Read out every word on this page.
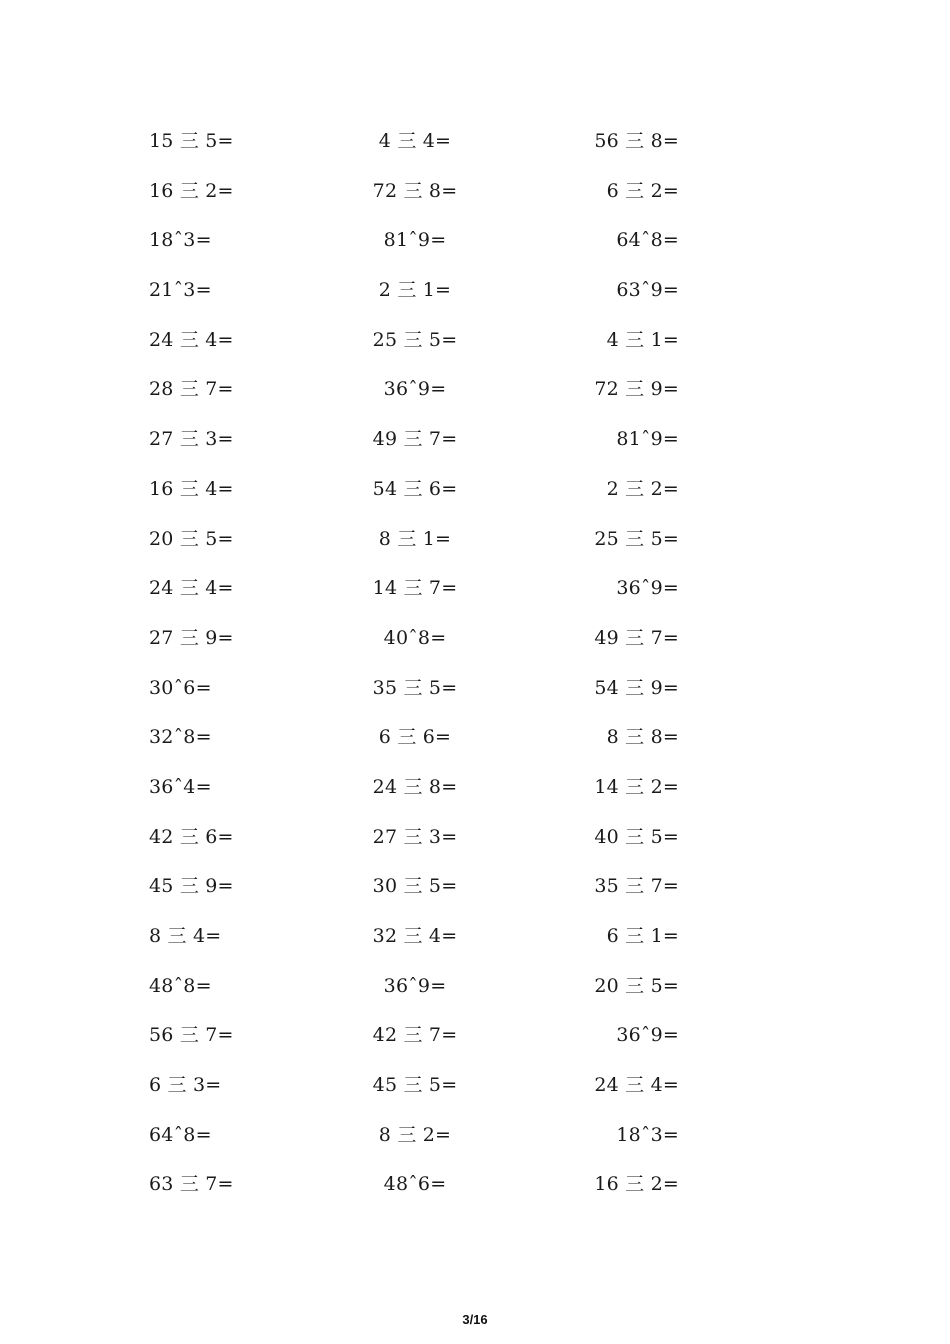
15 三 5=
16 三 2=
18ˆ3=
21ˆ3=
24 三 4=
28 三 7=
27 三 3=
16 三 4=
20 三 5=
24 三 4=
27 三 9=
30ˆ6=
32ˆ8=
36ˆ4=
42 三 6=
45 三 9=
8 三 4=
48ˆ8=
56 三 7=
6 三 3=
64ˆ8=
63 三 7=
4 三 4=
72 三 8=
81ˆ9=
2 三 1=
25 三 5=
36ˆ9=
49 三 7=
54 三 6=
8 三 1=
14 三 7=
40ˆ8=
35 三 5=
6 三 6=
24 三 8=
27 三 3=
30 三 5=
32 三 4=
36ˆ9=
42 三 7=
45 三 5=
8 三 2=
48ˆ6=
56 三 8=
6 三 2=
64ˆ8=
63ˆ9=
4 三 1=
72 三 9=
81ˆ9=
2 三 2=
25 三 5=
36ˆ9=
49 三 7=
54 三 9=
8 三 8=
14 三 2=
40 三 5=
35 三 7=
6 三 1=
20 三 5=
36ˆ9=
24 三 4=
18ˆ3=
16 三 2=
3/16
